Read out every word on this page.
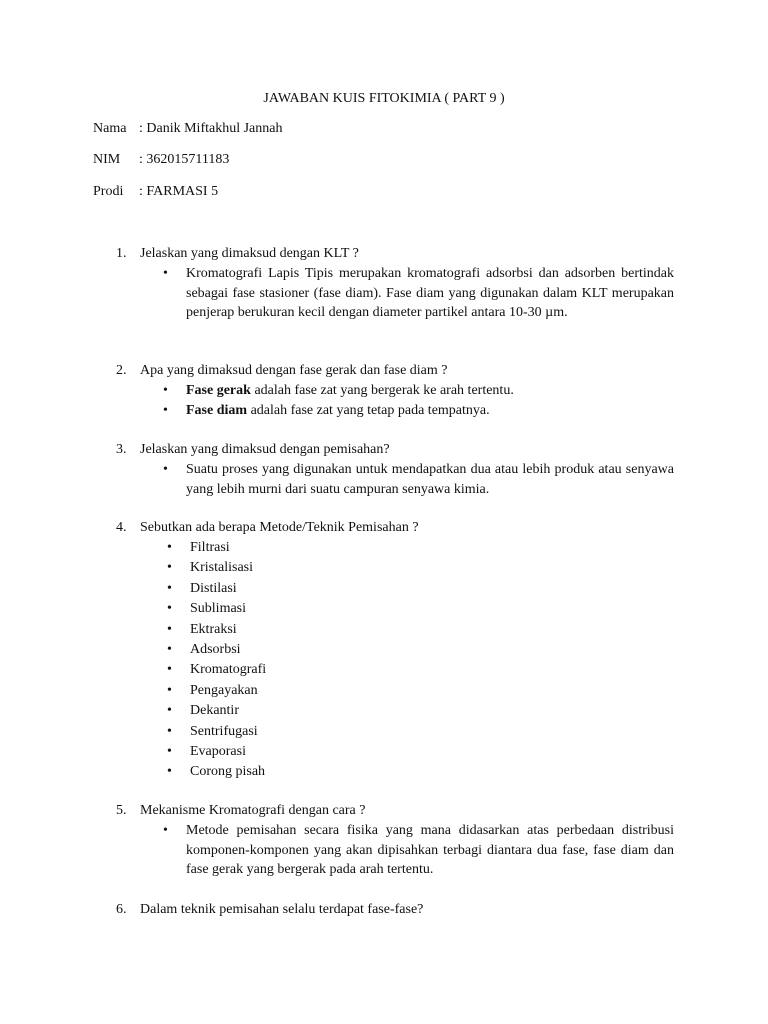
JAWABAN KUIS FITOKIMIA ( PART 9 )
Nama : Danik Miftakhul Jannah
NIM : 362015711183
Prodi : FARMASI 5
1. Jelaskan yang dimaksud dengan KLT ?
• Kromatografi Lapis Tipis merupakan kromatografi adsorbsi dan adsorben bertindak sebagai fase stasioner (fase diam). Fase diam yang digunakan dalam KLT merupakan penjerap berukuran kecil dengan diameter partikel antara 10-30 µm.
2. Apa yang dimaksud dengan fase gerak dan fase diam ?
• Fase gerak adalah fase zat yang bergerak ke arah tertentu.
• Fase diam adalah fase zat yang tetap pada tempatnya.
3. Jelaskan yang dimaksud dengan pemisahan?
• Suatu proses yang digunakan untuk mendapatkan dua atau lebih produk atau senyawa yang lebih murni dari suatu campuran senyawa kimia.
4. Sebutkan ada berapa Metode/Teknik Pemisahan ?
• Filtrasi
• Kristalisasi
• Distilasi
• Sublimasi
• Ektraksi
• Adsorbsi
• Kromatografi
• Pengayakan
• Dekantir
• Sentrifugasi
• Evaporasi
• Corong pisah
5. Mekanisme Kromatografi dengan cara ?
• Metode pemisahan secara fisika yang mana didasarkan atas perbedaan distribusi komponen-komponen yang akan dipisahkan terbagi diantara dua fase, fase diam dan fase gerak yang bergerak pada arah tertentu.
6. Dalam teknik pemisahan selalu terdapat fase-fase?
